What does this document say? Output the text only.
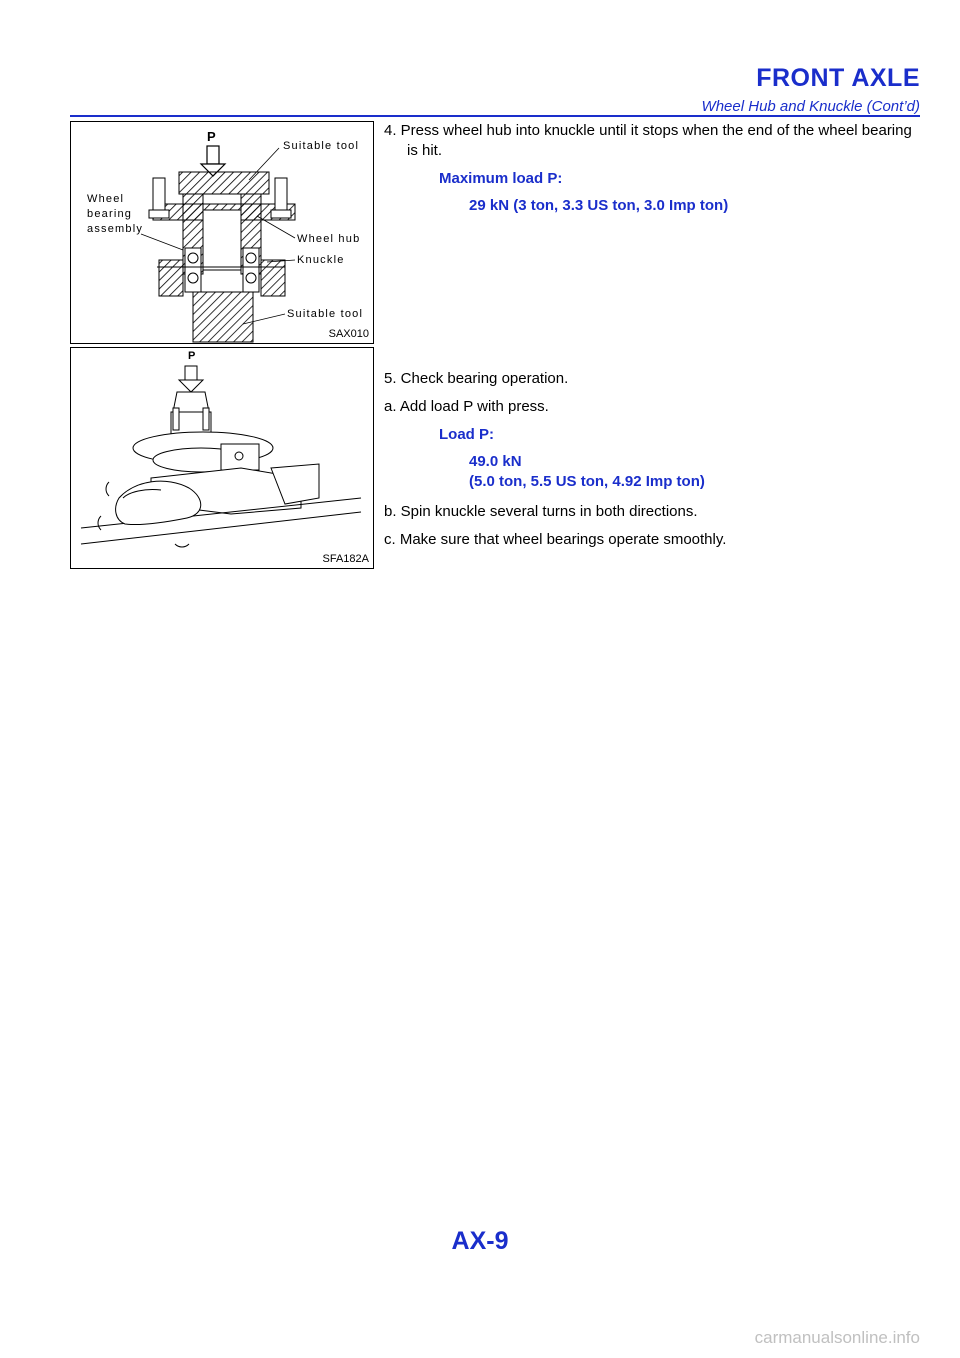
FRONT AXLE
Wheel Hub and Knuckle (Cont’d)
P
Suitable tool
Wheel
bearing
assembly
Wheel hub
Knuckle
Suitable tool
SAX010
4. Press wheel hub into knuckle until it stops when the end of the wheel bearing is hit.
Maximum load P:
29 kN (3 ton, 3.3 US ton, 3.0 Imp ton)
P
SFA182A
5. Check bearing operation.
a. Add load P with press.
Load P:
49.0 kN
(5.0 ton, 5.5 US ton, 4.92 Imp ton)
b. Spin knuckle several turns in both directions.
c. Make sure that wheel bearings operate smoothly.
AX-9
carmanualsonline.info
